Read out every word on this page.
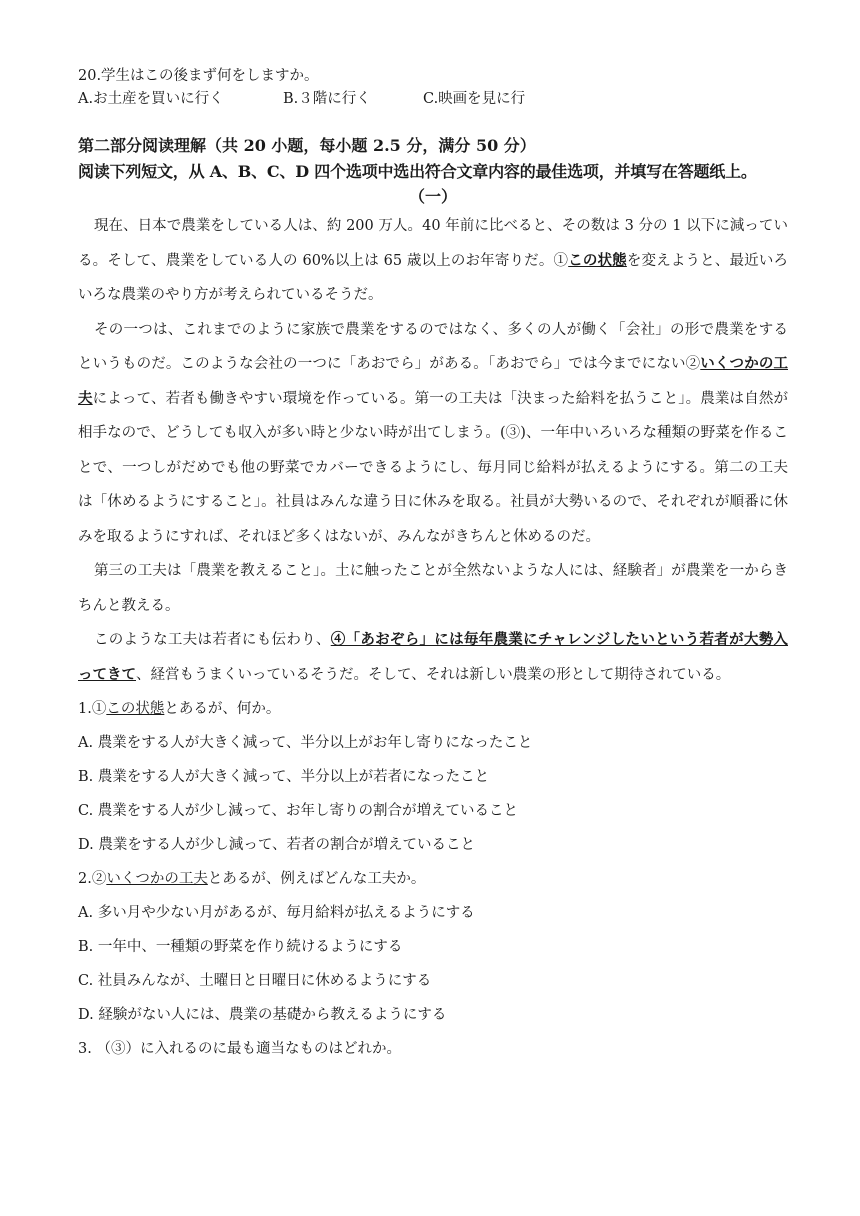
20.学生はこの後まず何をしますか。
A.お土産を買いに行く	B.３階に行く	C.映画を見に行
第二部分阅读理解（共 20 小题，每小题 2.5 分，满分 50 分）
阅读下列短文，从 A、B、C、D 四个选项中选出符合文章内容的最佳选项，并填写在答题纸上。
（一）

現在、日本で農業をしている人は、約 200 万人。40 年前に比べると、その数は 3 分の 1 以下に減っている。そして、農業をしている人の 60%以上は 65 歳以上のお年寄りだ。①この状態を変えようと、最近いろいろな農業のやり方が考えられているそうだ。

その一つは、これまでのように家族で農業をするのではなく、多くの人が働く「会社」の形で農業をするというものだ。このような会社の一つに「あおでら」がある。「あおでら」では今までにない②いくつかの工夫によって、若者も働きやすい環境を作っている。第一の工夫は「決まった給料を払うこと」。農業は自然が相手なので、どうしても収入が多い時と少ない時が出てしまう。(③)、一年中いろいろな種類の野菜を作ることで、一つしがだめでも他の野菜でカバーできるようにし、毎月同じ給料が払えるようにする。第二の工夫は「休めるようにすること」。社員はみんな違う日に休みを取る。社員が大勢いるので、それぞれが順番に休みを取るようにすれば、それほど多くはないが、みんながきちんと休めるのだ。

第三の工夫は「農業を教えること」。土に触ったことが全然ないような人には、経験者」が農業を一からきちんと教える。

このような工夫は若者にも伝わり、④「あおぞら」には毎年農業にチャレンジしたいという若者が大勢入ってきて、経営もうまくいっているそうだ。そして、それは新しい農業の形として期待されている。

1.①この状態とあるが、何か。
A. 農業をする人が大きく減って、半分以上がお年し寄りになったこと
B. 農業をする人が大きく減って、半分以上が若者になったこと
C. 農業をする人が少し減って、お年し寄りの割合が増えていること
D. 農業をする人が少し減って、若者の割合が増えていること
2.②いくつかの工夫とあるが、例えばどんな工夫か。
A. 多い月や少ない月があるが、毎月給料が払えるようにする
B. 一年中、一種類の野菜を作り続けるようにする
C. 社員みんなが、土曜日と日曜日に休めるようにする
D. 経験がない人には、農業の基礎から教えるようにする
3. （③）に入れるのに最も適当なものはどれか。
